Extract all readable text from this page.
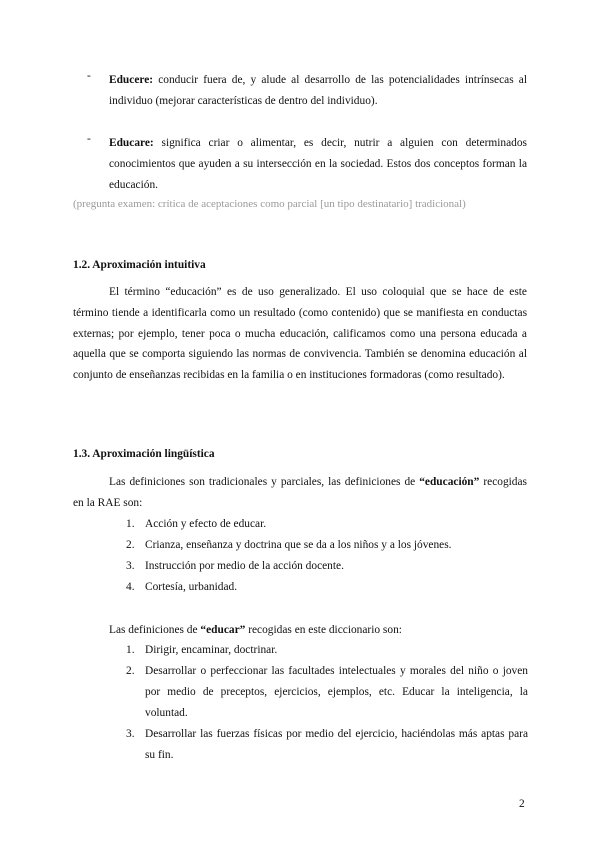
- Educere: conducir fuera de, y alude al desarrollo de las potencialidades intrínsecas al individuo (mejorar características de dentro del individuo).
- Educare: significa criar o alimentar, es decir, nutrir a alguien con determinados conocimientos que ayuden a su intersección en la sociedad. Estos dos conceptos forman la educación.
(pregunta examen: crítica de aceptaciones como parcial [un tipo destinatario] tradicional)
1.2. Aproximación intuitiva

El término “educación” es de uso generalizado. El uso coloquial que se hace de este término tiende a identificarla como un resultado (como contenido) que se manifiesta en conductas externas; por ejemplo, tener poca o mucha educación, calificamos como una persona educada a aquella que se comporta siguiendo las normas de convivencia. También se denomina educación al conjunto de enseñanzas recibidas en la familia o en instituciones formadoras (como resultado).

1.3. Aproximación lingüística

Las definiciones son tradicionales y parciales, las definiciones de “educación” recogidas en la RAE son:

1. Acción y efecto de educar.
2. Crianza, enseñanza y doctrina que se da a los niños y a los jóvenes.
3. Instrucción por medio de la acción docente.
4. Cortesía, urbanidad.

Las definiciones de “educar” recogidas en este diccionario son:

1. Dirigir, encaminar, doctrinar.
2. Desarrollar o perfeccionar las facultades intelectuales y morales del niño o joven por medio de preceptos, ejercicios, ejemplos, etc. Educar la inteligencia, la voluntad.
3. Desarrollar las fuerzas físicas por medio del ejercicio, haciéndolas más aptas para su fin.
2
